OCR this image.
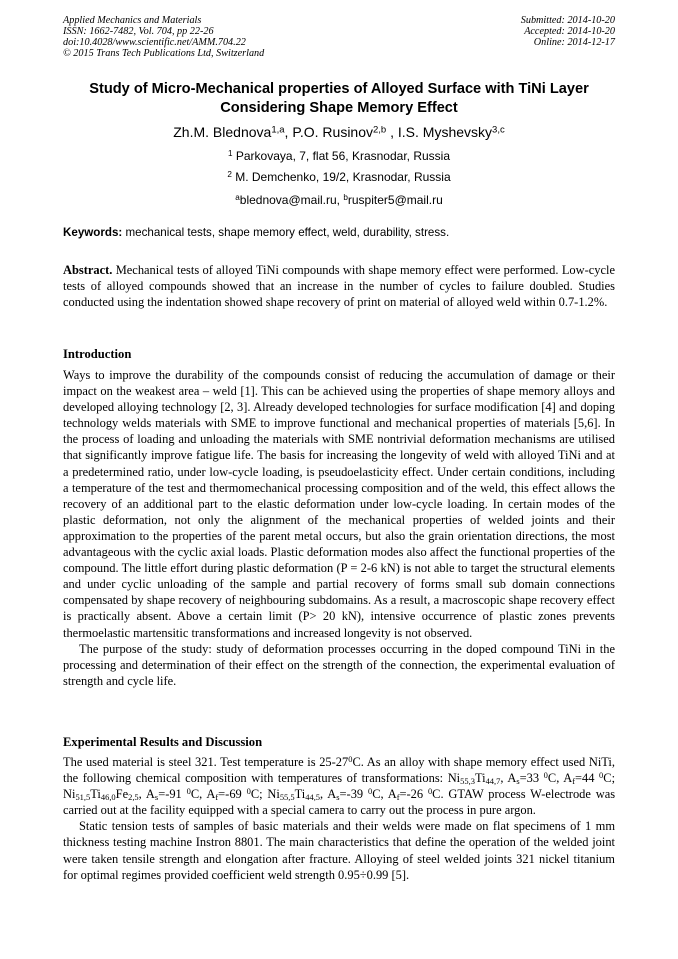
Applied Mechanics and Materials
ISSN: 1662-7482, Vol. 704, pp 22-26
doi:10.4028/www.scientific.net/AMM.704.22
© 2015 Trans Tech Publications Ltd, Switzerland
Submitted: 2014-10-20
Accepted: 2014-10-20
Online: 2014-12-17
Study of Micro-Mechanical properties of Alloyed Surface with TiNi Layer
Considering Shape Memory Effect
Zh.M. Blednova$^{1,a}$, P.O. Rusinov$^{2,b}$ , I.S. Myshevsky$^{3,c}$
$^1$ Parkovaya, 7, flat 56, Krasnodar, Russia
$^2$ M. Demchenko, 19/2, Krasnodar, Russia
$^a$blednova@mail.ru, $^b$ruspiter5@mail.ru
Keywords: mechanical tests, shape memory effect, weld, durability, stress.

Abstract. Mechanical tests of alloyed TiNi compounds with shape memory effect were performed. Low-cycle tests of alloyed compounds showed that an increase in the number of cycles to failure doubled. Studies conducted using the indentation showed shape recovery of print on material of alloyed weld within 0.7-1.2%.

Introduction

Ways to improve the durability of the compounds consist of reducing the accumulation of damage or their impact on the weakest area – weld [1]. This can be achieved using the properties of shape memory alloys and developed alloying technology [2, 3]. Already developed technologies for surface modification [4] and doping technology welds materials with SME to improve functional and mechanical properties of materials [5,6]. In the process of loading and unloading the materials with SME nontrivial deformation mechanisms are utilised that significantly improve fatigue life. The basis for increasing the longevity of weld with alloyed TiNi and at a predetermined ratio, under low-cycle loading, is pseudoelasticity effect. Under certain conditions, including a temperature of the test and thermomechanical processing composition and of the weld, this effect allows the recovery of an additional part to the elastic deformation under low-cycle loading. In certain modes of the plastic deformation, not only the alignment of the mechanical properties of welded joints and their approximation to the properties of the parent metal occurs, but also the grain orientation directions, the most advantageous with the cyclic axial loads. Plastic deformation modes also affect the functional properties of the compound. The little effort during plastic deformation (P = 2-6 kN) is not able to target the structural elements and under cyclic unloading of the sample and partial recovery of forms small sub domain connections compensated by shape recovery of neighbouring subdomains. As a result, a macroscopic shape recovery effect is practically absent. Above a certain limit (P> 20 kN), intensive occurrence of plastic zones prevents thermoelastic martensitic transformations and increased longevity is not observed.

The purpose of the study: study of deformation processes occurring in the doped compound TiNi in the processing and determination of their effect on the strength of the connection, the experimental evaluation of strength and cycle life.

Experimental Results and Discussion

The used material is steel 321. Test temperature is $25-27^0C$. As an alloy with shape memory effect used NiTi, the following chemical composition with temperatures of transformations: $Ni_{55,3}Ti_{44,7}$, $A_s=33$ $^0$C, $A_f=44$ $^0$C; $Ni_{51,5}Ti_{46,0}Fe_{2,5}$, $A_s=-91$ $^0$C, $A_f=-69$ $^0$C; $Ni_{55,5}Ti_{44,5}$, $A_s=-39$ $^0$C, $A_f=-26$ $^0$C. GTAW process W-electrode was carried out at the facility equipped with a special camera to carry out the process in pure argon.

Static tension tests of samples of basic materials and their welds were made on flat specimens of 1 mm thickness testing machine Instron 8801. The main characteristics that define the operation of the welded joint were taken tensile strength and elongation after fracture. Alloying of steel welded joints 321 nickel titanium for optimal regimes provided coefficient weld strength 0.95÷0.99 [5].
